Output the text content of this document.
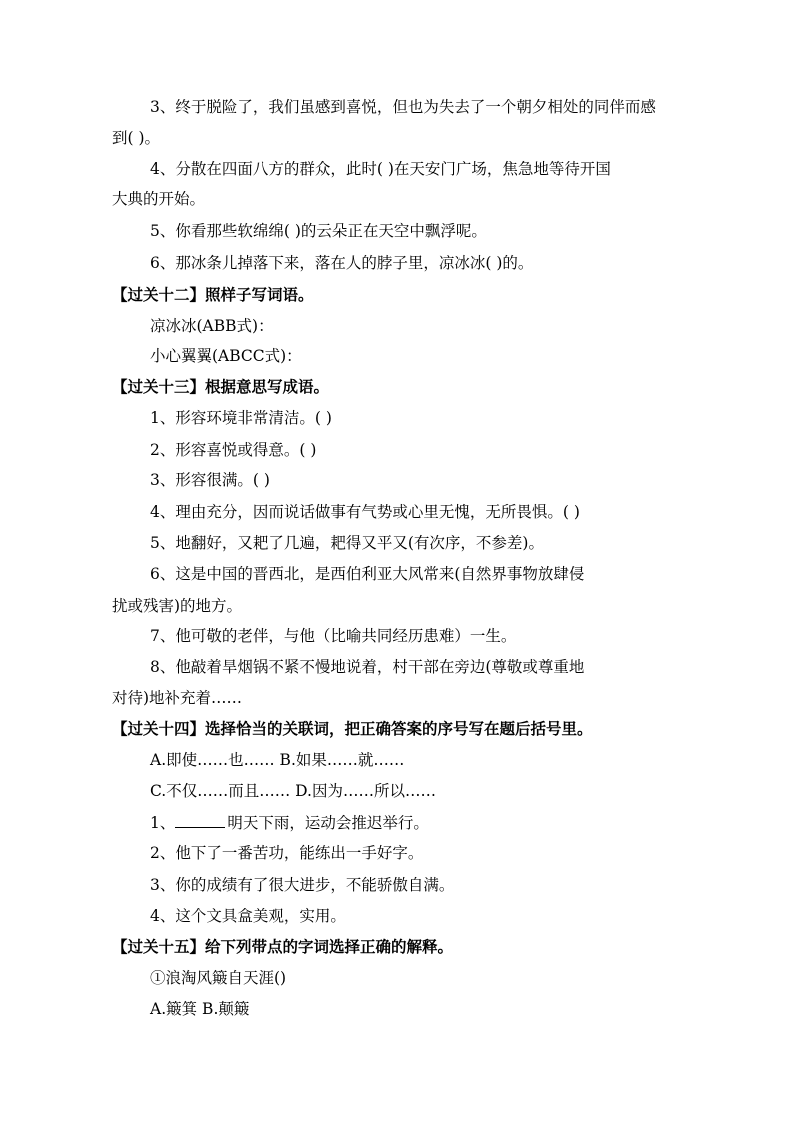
3、终于脱险了，我们虽感到喜悦，但也为失去了一个朝夕相处的同伴而感
到( )。
4、分散在四面八方的群众，此时( )在天安门广场，焦急地等待开国
大典的开始。
5、你看那些软绵绵( )的云朵正在天空中飘浮呢。
6、那冰条儿掉落下来，落在人的脖子里，凉冰冰( )的。
【过关十二】照样子写词语。
凉冰冰(ABB式)：
小心翼翼(ABCC式)：
【过关十三】根据意思写成语。
1、形容环境非常清洁。( )
2、形容喜悦或得意。( )
3、形容很满。( )
4、理由充分，因而说话做事有气势或心里无愧，无所畏惧。( )
5、地翻好，又耙了几遍，耙得又平又(有次序，不参差)。
6、这是中国的晋西北，是西伯利亚大风常来(自然界事物放肆侵
扰或残害)的地方。
7、他可敬的老伴，与他（比喻共同经历患难）一生。
8、他敲着旱烟锅不紧不慢地说着，村干部在旁边(尊敬或尊重地
对待)地补充着……
【过关十四】选择恰当的关联词，把正确答案的序号写在题后括号里。
A.即使……也…… B.如果……就……
C.不仅……而且…… D.因为……所以……
1、	明天下雨，运动会推迟举行。
2、他下了一番苦功，能练出一手好字。
3、你的成绩有了很大进步，不能骄傲自满。
4、这个文具盒美观，实用。
【过关十五】给下列带点的字词选择正确的解释。
①浪淘风簸自天涯()
A.簸箕 B.颠簸
